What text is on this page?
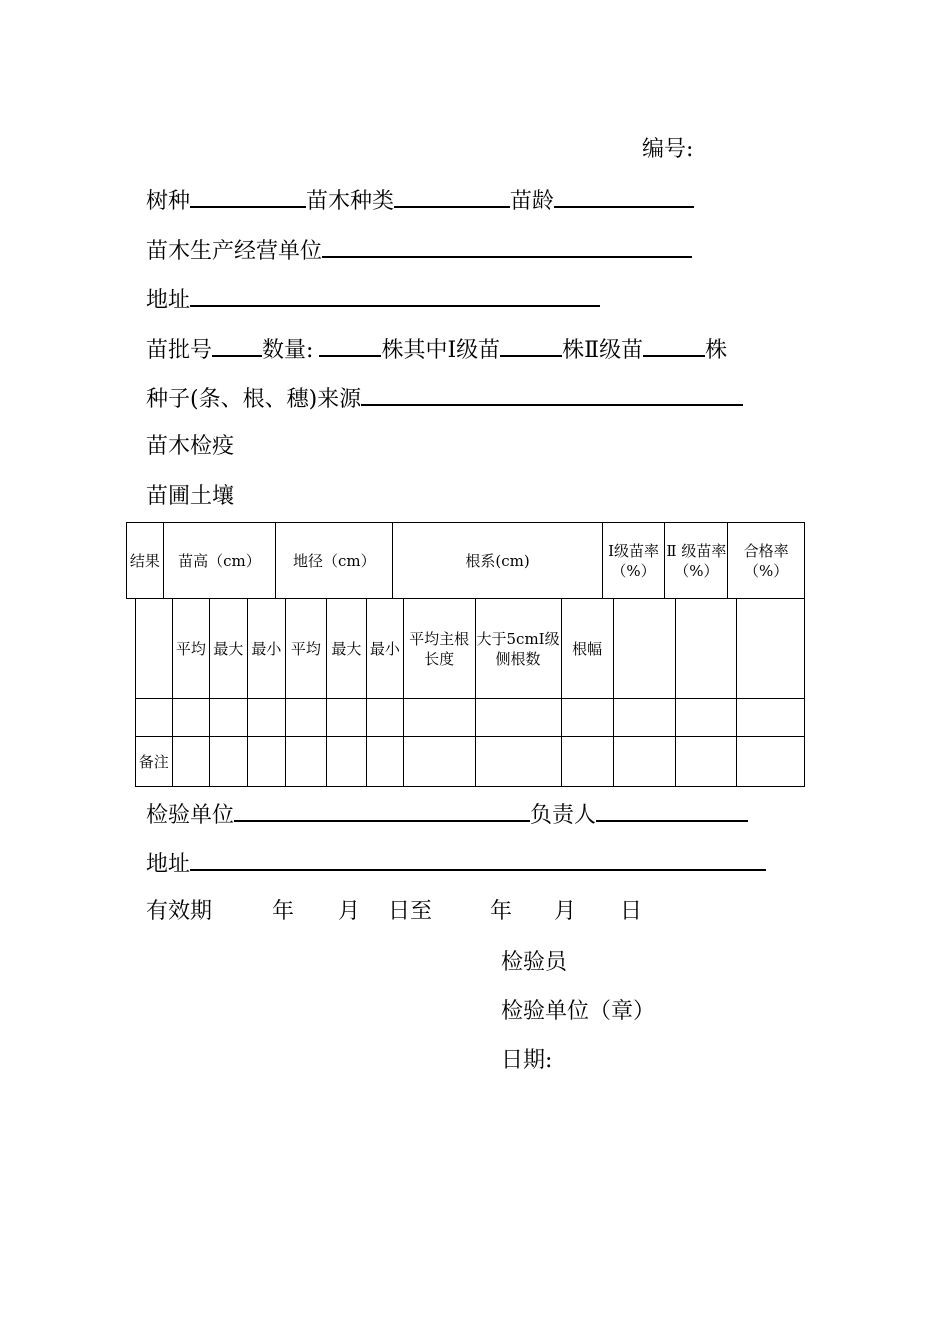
编号:
树种	苗木种类	苗龄
苗木生产经营单位
地址
苗批号 数量:	株其中Ⅰ级苗	株Ⅱ级苗	株
种子(条、根、穗)来源
苗木检疫
苗圃土壤
结果	苗高（cm）	地径（cm）	根系(cm)	Ⅰ级苗率（%）	Ⅱ 级苗率（%）	合格率（%）
	平均	最大	最小	平均	最大	最小	平均主根长度	大于5cmⅠ级侧根数	根幅			

备注												
检验单位	负责人
地址
有效期	年 月 日至	年 月 日
检验员
检验单位（章）
日期:
